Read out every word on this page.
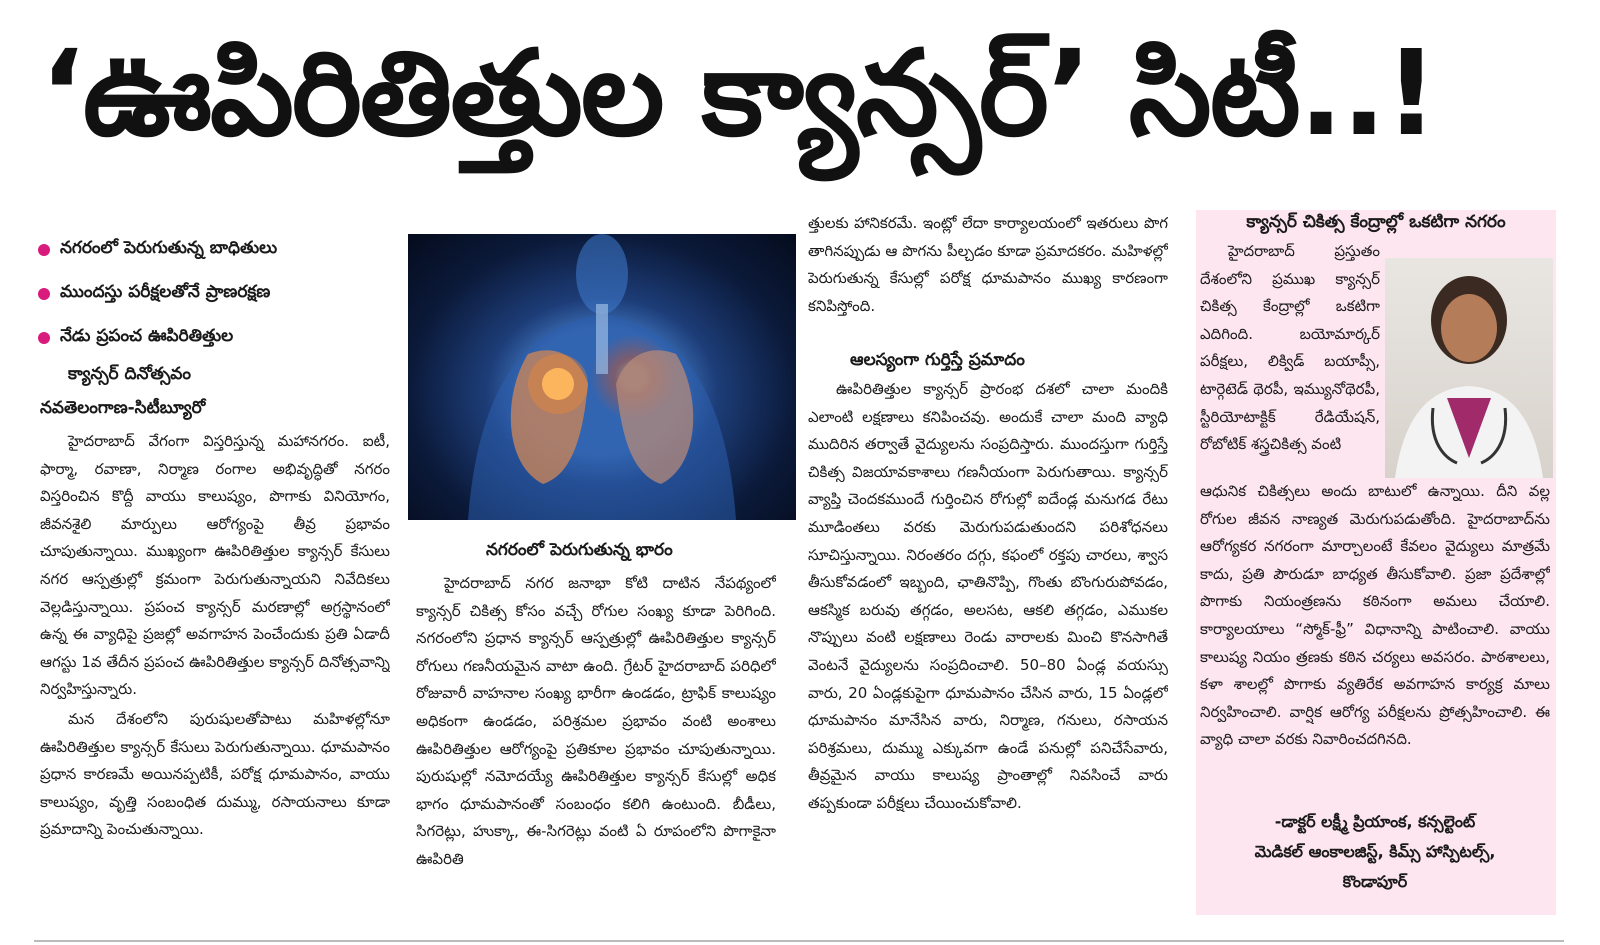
‘ఊపిరితిత్తుల క్యాన్సర్’ సిటీ..!
నగరంలో పెరుగుతున్న బాధితులు
ముందస్తు పరీక్షలతోనే ప్రాణరక్షణ
నేడు ప్రపంచ ఊపిరితిత్తుల
క్యాన్సర్ దినోత్సవం
నవతెలంగాణ-సిటీబ్యూరో

హైదరాబాద్ వేగంగా విస్తరిస్తున్న మహానగరం. ఐటీ, ఫార్మా, రవాణా, నిర్మాణ రంగాల అభివృద్ధితో నగరం విస్తరించిన కొద్దీ వాయు కాలుష్యం, పొగాకు వినియోగం, జీవనశైలి మార్పులు ఆరోగ్యంపై తీవ్ర ప్రభావం చూపుతున్నాయి. ముఖ్యంగా ఊపిరితిత్తుల క్యాన్సర్ కేసులు నగర ఆస్పత్రుల్లో క్రమంగా పెరుగుతున్నాయని నివేదికలు వెల్లడిస్తున్నాయి. ప్రపంచ క్యాన్సర్ మరణాల్లో అగ్రస్థానంలో ఉన్న ఈ వ్యాధిపై ప్రజల్లో అవగాహన పెంచేందుకు ప్రతి ఏడాదీ ఆగస్టు 1వ తేదీన ప్రపంచ ఊపిరితిత్తుల క్యాన్సర్ దినోత్సవాన్ని నిర్వహిస్తున్నారు.

మన దేశంలోని పురుషులతోపాటు మహిళల్లోనూ ఊపిరితిత్తుల క్యాన్సర్ కేసులు పెరుగుతున్నాయి. ధూమపానం ప్రధాన కారణమే అయినప్పటికీ, పరోక్ష ధూమపానం, వాయు కాలుష్యం, వృత్తి సంబంధిత దుమ్ము, రసాయనాలు కూడా ప్రమాదాన్ని పెంచుతున్నాయి.

నగరంలో పెరుగుతున్న భారం

హైదరాబాద్ నగర జనాభా కోటి దాటిన నేపథ్యంలో క్యాన్సర్ చికిత్స కోసం వచ్చే రోగుల సంఖ్య కూడా పెరిగింది. నగరంలోని ప్రధాన క్యాన్సర్ ఆస్పత్రుల్లో ఊపిరితిత్తుల క్యాన్సర్ రోగులు గణనీయమైన వాటా ఉంది. గ్రేటర్ హైదరాబాద్ పరిధిలో రోజువారీ వాహనాల సంఖ్య భారీగా ఉండడం, ట్రాఫిక్ కాలుష్యం అధికంగా ఉండడం, పరిశ్రమల ప్రభావం వంటి అంశాలు ఊపిరితిత్తుల ఆరోగ్యంపై ప్రతికూల ప్రభావం చూపుతున్నాయి. పురుషుల్లో నమోదయ్యే ఊపిరితిత్తుల క్యాన్సర్ కేసుల్లో అధిక భాగం ధూమపానంతో సంబంధం కలిగి ఉంటుంది. బీడీలు, సిగరెట్లు, హుక్కా, ఈ-సిగరెట్లు వంటి ఏ రూపంలోని పొగాకైనా ఊపిరితి

త్తులకు హానికరమే. ఇంట్లో లేదా కార్యాలయంలో ఇతరులు పొగ తాగినప్పుడు ఆ పొగను పీల్చడం కూడా ప్రమాదకరం. మహిళల్లో పెరుగుతున్న కేసుల్లో పరోక్ష ధూమపానం ముఖ్య కారణంగా కనిపిస్తోంది.

ఆలస్యంగా గుర్తిస్తే ప్రమాదం

ఊపిరితిత్తుల క్యాన్సర్ ప్రారంభ దశలో చాలా మందికి ఎలాంటి లక్షణాలు కనిపించవు. అందుకే చాలా మంది వ్యాధి ముదిరిన తర్వాతే వైద్యులను సంప్రదిస్తారు. ముందస్తుగా గుర్తిస్తే చికిత్స విజయావకాశాలు గణనీయంగా పెరుగుతాయి. క్యాన్సర్ వ్యాప్తి చెందకముందే గుర్తించిన రోగుల్లో ఐదేండ్ల మనుగడ రేటు మూడింతలు వరకు మెరుగుపడుతుందని పరిశోధనలు సూచిస్తున్నాయి. నిరంతరం దగ్గు, కఫంలో రక్తపు చారలు, శ్వాస తీసుకోవడంలో ఇబ్బంది, ఛాతినొప్పి, గొంతు బొంగురుపోవడం, ఆకస్మిక బరువు తగ్గడం, అలసట, ఆకలి తగ్గడం, ఎముకల నొప్పులు వంటి లక్షణాలు రెండు వారాలకు మించి కొనసాగితే వెంటనే వైద్యులను సంప్రదించాలి. 50–80 ఏండ్ల వయస్సు వారు, 20 ఏండ్లకుపైగా ధూమపానం చేసిన వారు, 15 ఏండ్లలో ధూమపానం మానేసిన వారు, నిర్మాణ, గనులు, రసాయన పరిశ్రమలు, దుమ్ము ఎక్కువగా ఉండే పనుల్లో పనిచేసేవారు, తీవ్రమైన వాయు కాలుష్య ప్రాంతాల్లో నివసించే వారు తప్పకుండా పరీక్షలు చేయించుకోవాలి.

క్యాన్సర్ చికిత్స కేంద్రాల్లో ఒకటిగా నగరం

హైదరాబాద్ ప్రస్తుతం దేశంలోని ప్రముఖ క్యాన్సర్ చికిత్స కేంద్రాల్లో ఒకటిగా ఎదిగింది. బయోమార్కర్ పరీక్షలు, లిక్విడ్ బయాప్సీ, టార్గెటెడ్ థెరపీ, ఇమ్యునోథెరపీ, స్టీరియోటాక్టిక్ రేడియేషన్, రోబోటిక్ శస్త్రచికిత్స వంటి

ఆధునిక చికిత్సలు అందు బాటులో ఉన్నాయి. దీని వల్ల రోగుల జీవన నాణ్యత మెరుగుపడుతోంది. హైదరాబాద్‌ను ఆరోగ్యకర నగరంగా మార్చాలంటే కేవలం వైద్యులు మాత్రమే కాదు, ప్రతి పౌరుడూ బాధ్యత తీసుకోవాలి. ప్రజా ప్రదేశాల్లో పొగాకు నియంత్రణను కఠినంగా అమలు చేయాలి. కార్యాలయాలు “స్మోక్-ఫ్రీ” విధానాన్ని పాటించాలి. వాయు కాలుష్య నియం త్రణకు కఠిన చర్యలు అవసరం. పాఠశాలలు, కళా శాలల్లో పొగాకు వ్యతిరేక అవగాహన కార్యక్ర మాలు నిర్వహించాలి. వార్షిక ఆరోగ్య పరీక్షలను ప్రోత్సహించాలి. ఈ వ్యాధి చాలా వరకు నివారించదగినది.

-డాక్టర్ లక్ష్మీ ప్రియాంక, కన్సల్టెంట్
మెడికల్ ఆంకాలజిస్ట్, కిమ్స్ హాస్పిటల్స్,
కొండాపూర్
